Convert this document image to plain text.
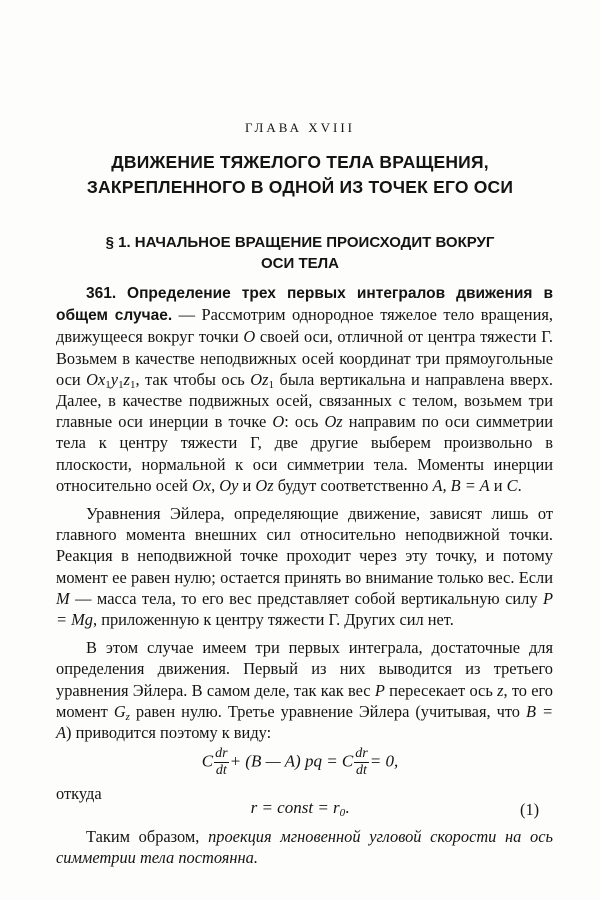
ГЛАВА XVIII
ДВИЖЕНИЕ ТЯЖЕЛОГО ТЕЛА ВРАЩЕНИЯ,
ЗАКРЕПЛЕННОГО В ОДНОЙ ИЗ ТОЧЕК ЕГО ОСИ
§ 1. НАЧАЛЬНОЕ ВРАЩЕНИЕ ПРОИСХОДИТ ВОКРУГ
ОСИ ТЕЛА

361. Определение трех первых интегралов движения в общем случае. — Рассмотрим однородное тяжелое тело вращения, движущееся вокруг точки O своей оси, отличной от центра тяжести Г. Возьмем в качестве неподвижных осей координат три прямоугольные оси $Ox_1y_1z_1$, так чтобы ось $Oz_1$ была вертикальна и направлена вверх. Далее, в качестве подвижных осей, связанных с телом, возьмем три главные оси инерции в точке O: ось Oz направим по оси симметрии тела к центру тяжести Г, две другие выберем произвольно в плоскости, нормальной к оси симметрии тела. Моменты инерции относительно осей Ox, Oy и Oz будут соответственно A, B = A и C.

Уравнения Эйлера, определяющие движение, зависят лишь от главного момента внешних сил относительно неподвижной точки. Реакция в неподвижной точке проходит через эту точку, и потому момент ее равен нулю; остается принять во внимание только вес. Если M — масса тела, то его вес представляет собой вертикальную силу P = Mg, приложенную к центру тяжести Г. Других сил нет.

В этом случае имеем три первых интеграла, достаточные для определения движения. Первый из них выводится из третьего уравнения Эйлера. В самом деле, так как вес P пересекает ось z, то его момент $G_z$ равен нулю. Третье уравнение Эйлера (учитывая, что B = A) приводится поэтому к виду:

C $\frac{dr}{dt} + (B$ — A) pq = C $\frac{dr}{dt} = 0$,
откуда
r = const = $r_0$.	(1)
Таким образом, проекция мгновенной угловой скорости на ось симметрии тела постоянна.
